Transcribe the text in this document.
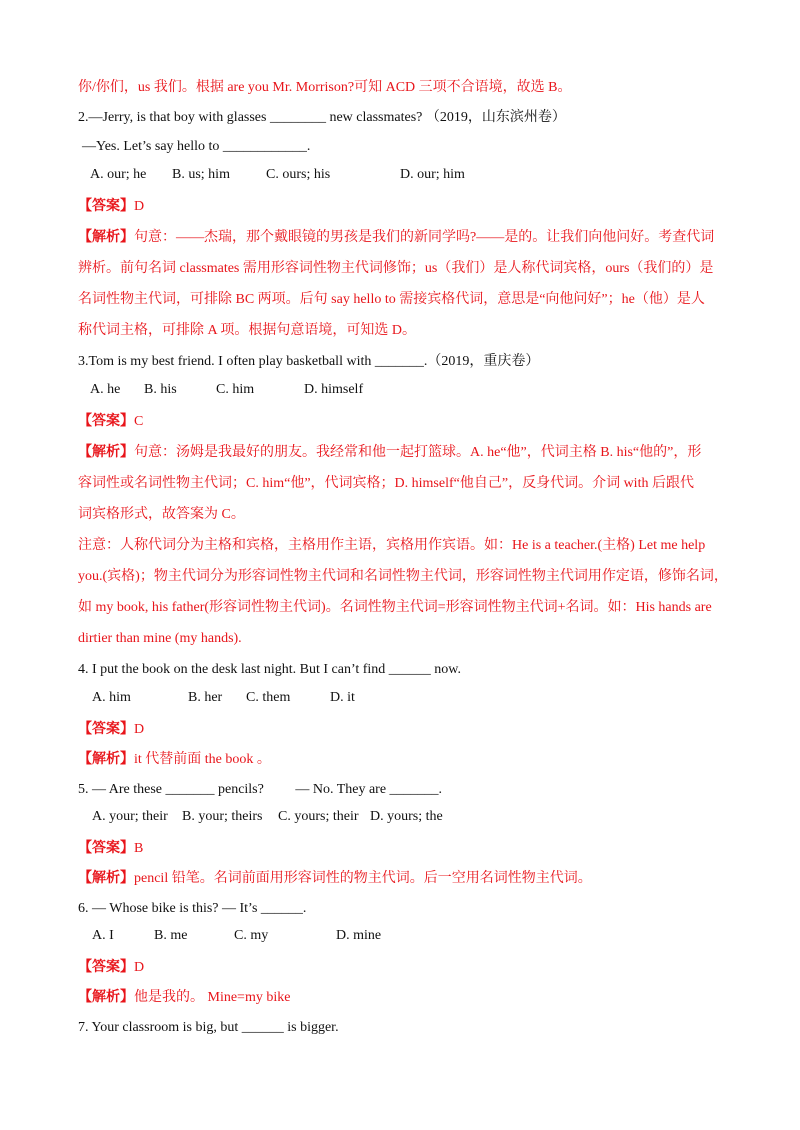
你/你们，us 我们。根据 are you Mr. Morrison?可知 ACD 三项不合语境，故选 B。
2.—Jerry, is that boy with glasses ________ new classmates? （2019，山东滨州卷）
—Yes. Let’s say hello to ____________.
A. our; he B. us; him	C. ours; his	D. our; him
【答案】D
【解析】句意：——杰瑞，那个戴眼镜的男孩是我们的新同学吗?——是的。让我们向他问好。考查代词
辨析。前句名词 classmates 需用形容词性物主代词修饰；us（我们）是人称代词宾格，ours（我们的）是
名词性物主代词，可排除 BC 两项。后句 say hello to 需接宾格代词，意思是“向他问好”；he（他）是人
称代词主格，可排除 A 项。根据句意语境，可知选 D。
3.Tom is my best friend. I often play basketball with _______.（2019，重庆卷）
A. he B. his	C. him	D. himself
【答案】C
【解析】句意：汤姆是我最好的朋友。我经常和他一起打篮球。A. he“他”，代词主格 B. his“他的”，形
容词性或名词性物主代词；C. him“他”，代词宾格；D. himself“他自己”，反身代词。介词 with 后跟代
词宾格形式，故答案为 C。
注意：人称代词分为主格和宾格，主格用作主语，宾格用作宾语。如：He is a teacher.(主格) Let me help
you.(宾格)；物主代词分为形容词性物主代词和名词性物主代词，形容词性物主代词用作定语，修饰名词，
如 my book, his father(形容词性物主代词)。名词性物主代词=形容词性物主代词+名词。如：His hands are
dirtier than mine (my hands).
4. I put the book on the desk last night. But I can’t find ______ now.
A. him	B. her C. them	D. it
【答案】D
【解析】it 代替前面 the book 。
5. — Are these _______ pencils?　　 — No. They are _______.
A. your; their B. your; theirs C. yours; their D. yours; the
【答案】B
【解析】pencil 铅笔。名词前面用形容词性的物主代词。后一空用名词性物主代词。
6. — Whose bike is this? — It’s ______.
A. I	B. me	C. my	D. mine
【答案】D
【解析】他是我的。 Mine=my bike
7. Your classroom is big, but ______ is bigger.
